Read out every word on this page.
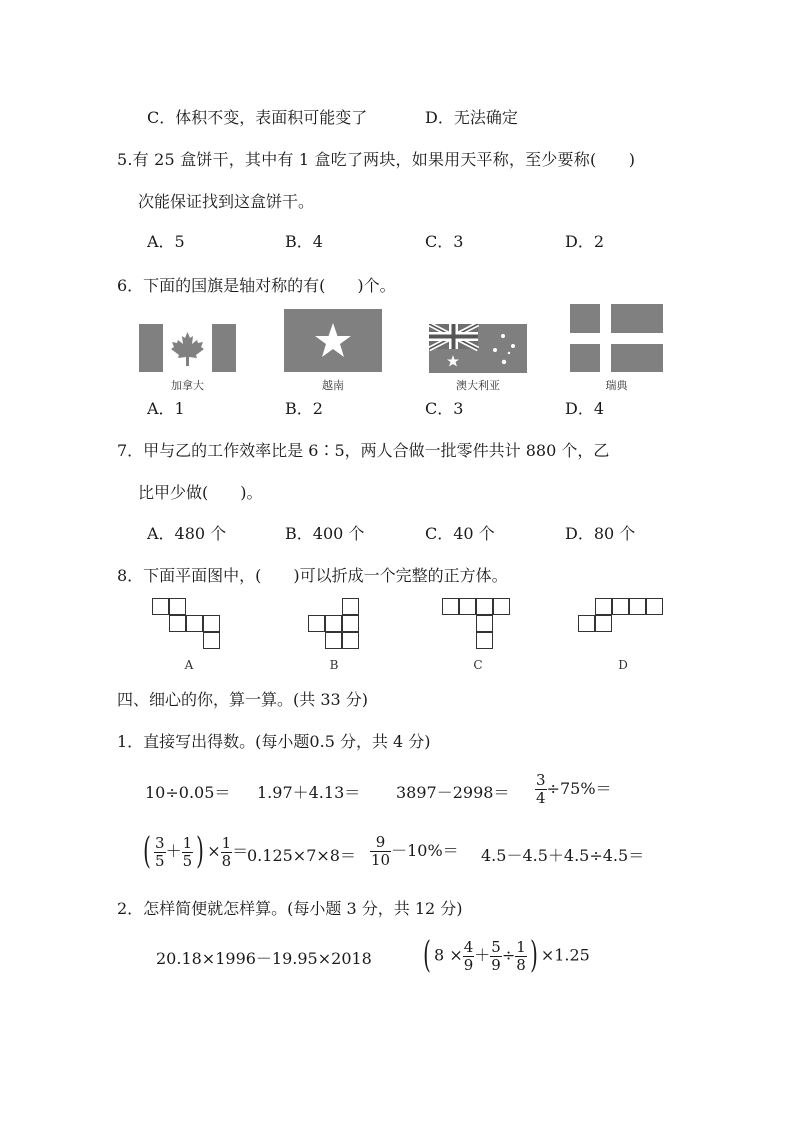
C．体积不变，表面积可能变了	D．无法确定
5.有 25 盒饼干，其中有 1 盒吃了两块，如果用天平称，至少要称(　　)
次能保证找到这盒饼干。
A．5	B．4	C．3	D．2
6．下面的国旗是轴对称的有(　　)个。
加拿大	越南	澳大利亚	瑞典
A．1	B．2	C．3	D．4
7．甲与乙的工作效率比是 6∶5，两人合做一批零件共计 880 个，乙
比甲少做(　　)。
A．480 个	B．400 个	C．40 个	D．80 个
8．下面平面图中，(　　)可以折成一个完整的正方体。
A	B	C	D
四、细心的你，算一算。(共 33 分)
1．直接写出得数。(每小题0.5 分，共 4 分)
$10\div 0.05= 1.97+4.13= 3897-2998= \frac{3}{4} \div 75\%=$
( $\frac{3}{5} + \frac{1}{5}$ ) × $\frac{1}{8}$ ＝
$0.125\times 7\times 8= \frac{9}{10} -10\%= 4.5-4.5+4.5\div 4.5=$
2．怎样简便就怎样算。(每小题 3 分，共 12 分)
20.18×1996－19.95×2018 ( $8 \times \frac{4}{9} + \frac{5}{9} \div \frac{1}{8}$ ) ×1.25
